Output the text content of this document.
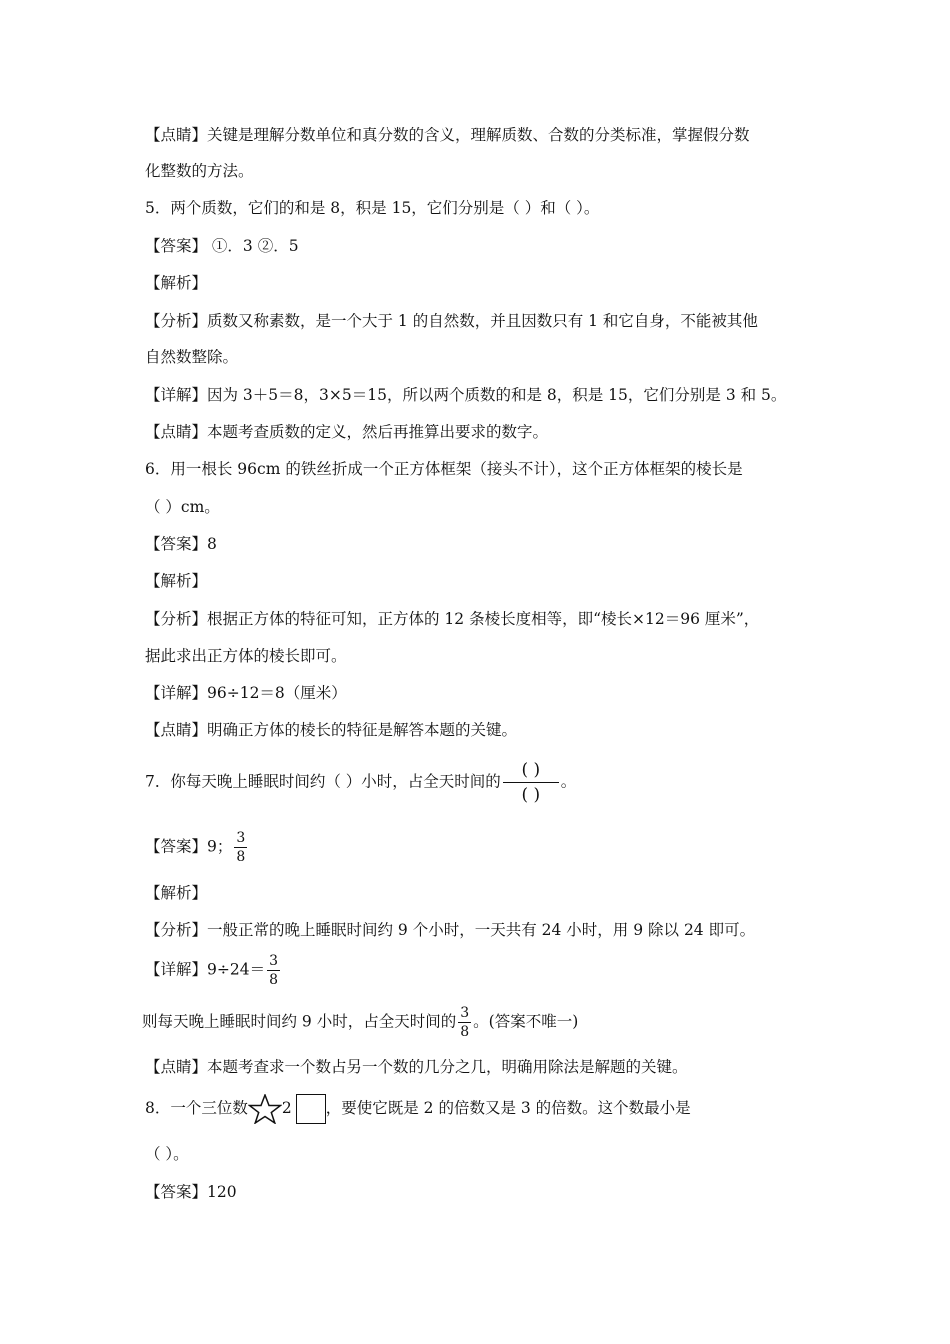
【点睛】关键是理解分数单位和真分数的含义，理解质数、合数的分类标准，掌握假分数
化整数的方法。
5．两个质数，它们的和是 8，积是 15，它们分别是（ ）和（ ）。
【答案】 ①．3 ②．5
【解析】
【分析】质数又称素数，是一个大于 1 的自然数，并且因数只有 1 和它自身，不能被其他
自然数整除。
【详解】因为 3＋5＝8，3×5＝15，所以两个质数的和是 8，积是 15，它们分别是 3 和 5。
【点睛】本题考查质数的定义，然后再推算出要求的数字。
6．用一根长 96cm 的铁丝折成一个正方体框架（接头不计），这个正方体框架的棱长是
（ ）cm。
【答案】8
【解析】
【分析】根据正方体的特征可知，正方体的 12 条棱长度相等，即“棱长×12＝96 厘米”，
据此求出正方体的棱长即可。
【详解】96÷12＝8（厘米）
【点睛】明确正方体的棱长的特征是解答本题的关键。
7．你每天晚上睡眠时间约（ ）小时，占全天时间的 $\frac{( )}{( )}$ 。
【答案】9； $\frac{3}{8}$
【解析】
【分析】一般正常的晚上睡眠时间约 9 个小时，一天共有 24 小时，用 9 除以 24 即可。
【详解】$9\div 24= \frac{3}{8}$
则每天晚上睡眠时间约 9 小时，占全天时间的 $\frac{3}{8}$ 。(答案不唯一)
【点睛】本题考查求一个数占另一个数的几分之几，明确用除法是解题的关键。
8．一个三位数 2 ，要使它既是 2 的倍数又是 3 的倍数。这个数最小是
（ ）。
【答案】120
